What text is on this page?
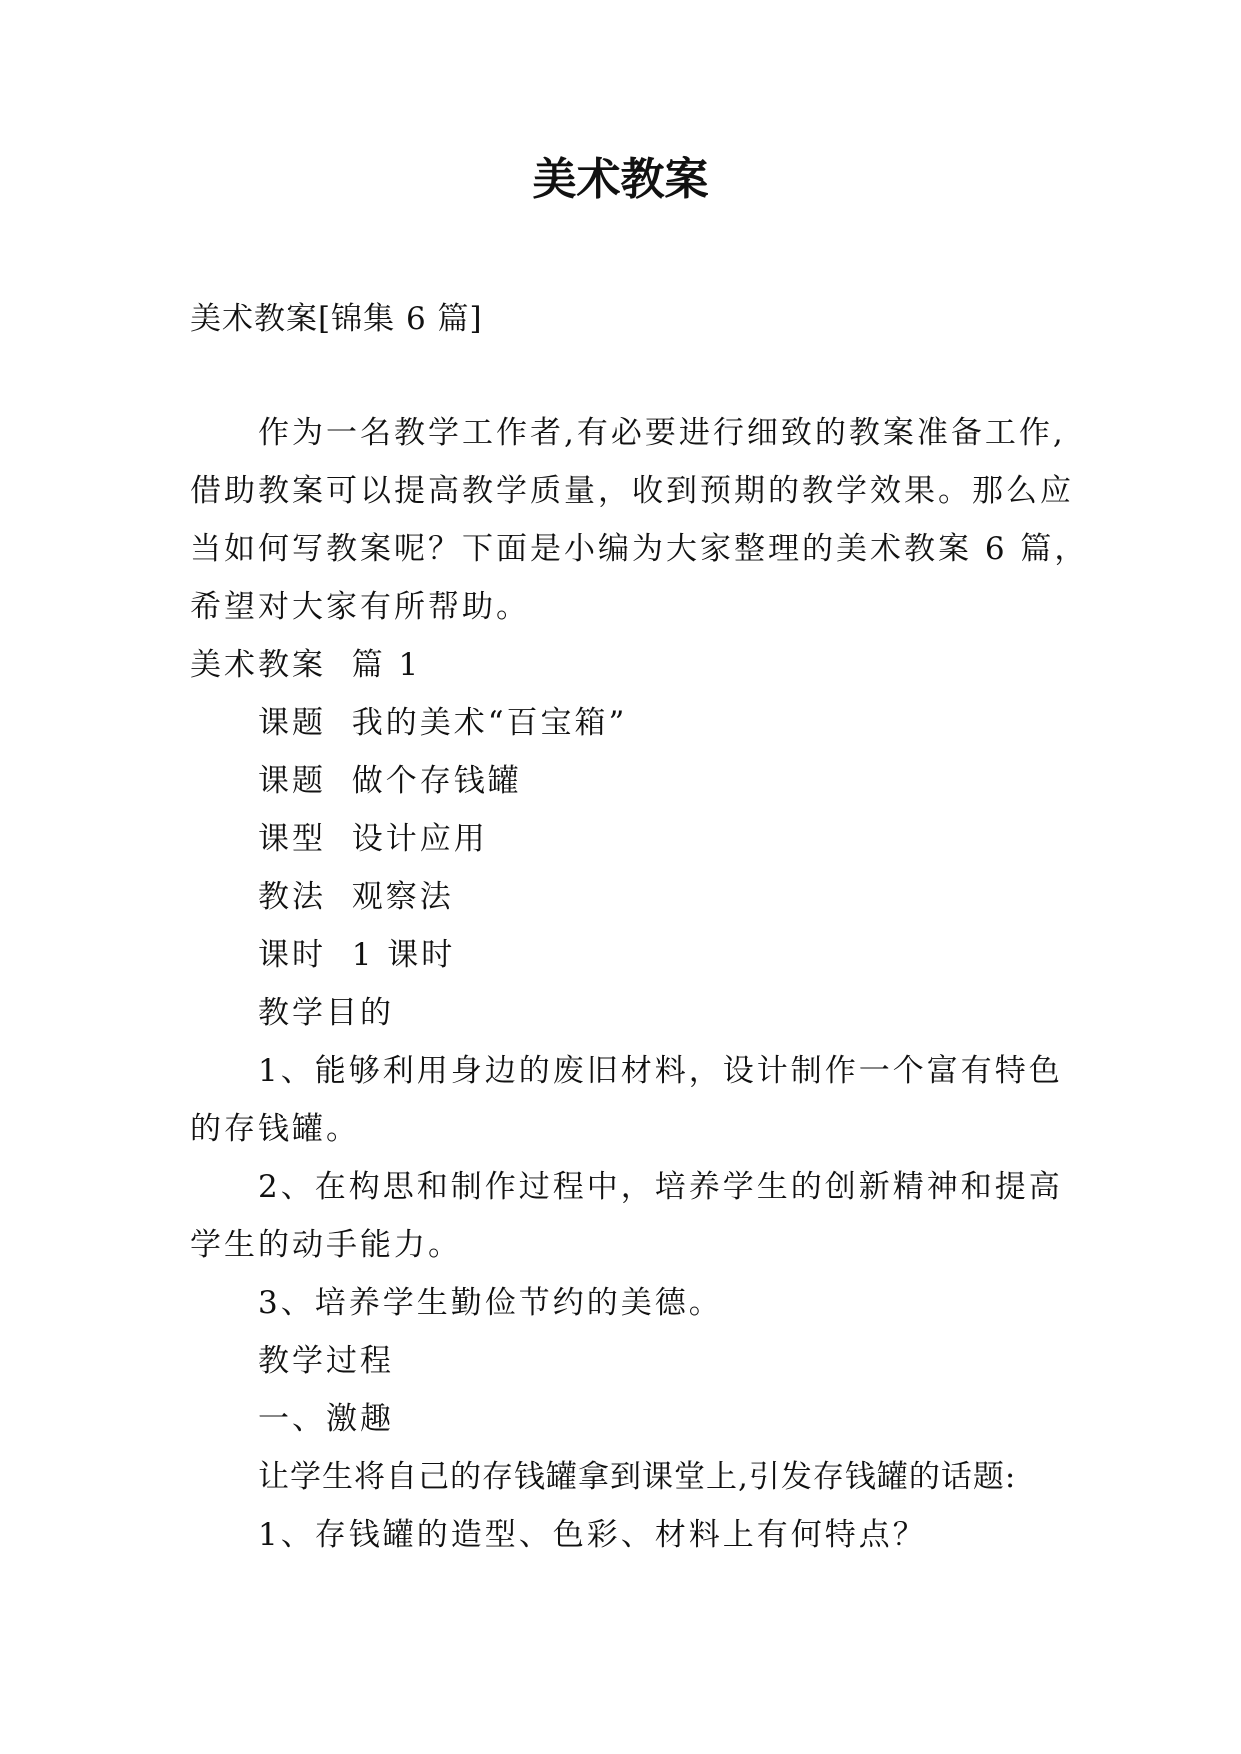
美术教案
美术教案[锦集 6 篇]
作为一名教学工作者,有必要进行细致的教案准备工作,
借助教案可以提高教学质量，收到预期的教学效果。那么应
当如何写教案呢？下面是小编为大家整理的美术教案 6 篇，
希望对大家有所帮助。
美术教案  篇 1
课题  我的美术“百宝箱”
课题  做个存钱罐
课型  设计应用
教法  观察法
课时  1 课时
教学目的
1、能够利用身边的废旧材料，设计制作一个富有特色
的存钱罐。
2、在构思和制作过程中，培养学生的创新精神和提高
学生的动手能力。
3、培养学生勤俭节约的美德。
教学过程
一、激趣
让学生将自己的存钱罐拿到课堂上,引发存钱罐的话题:
1、存钱罐的造型、色彩、材料上有何特点？
